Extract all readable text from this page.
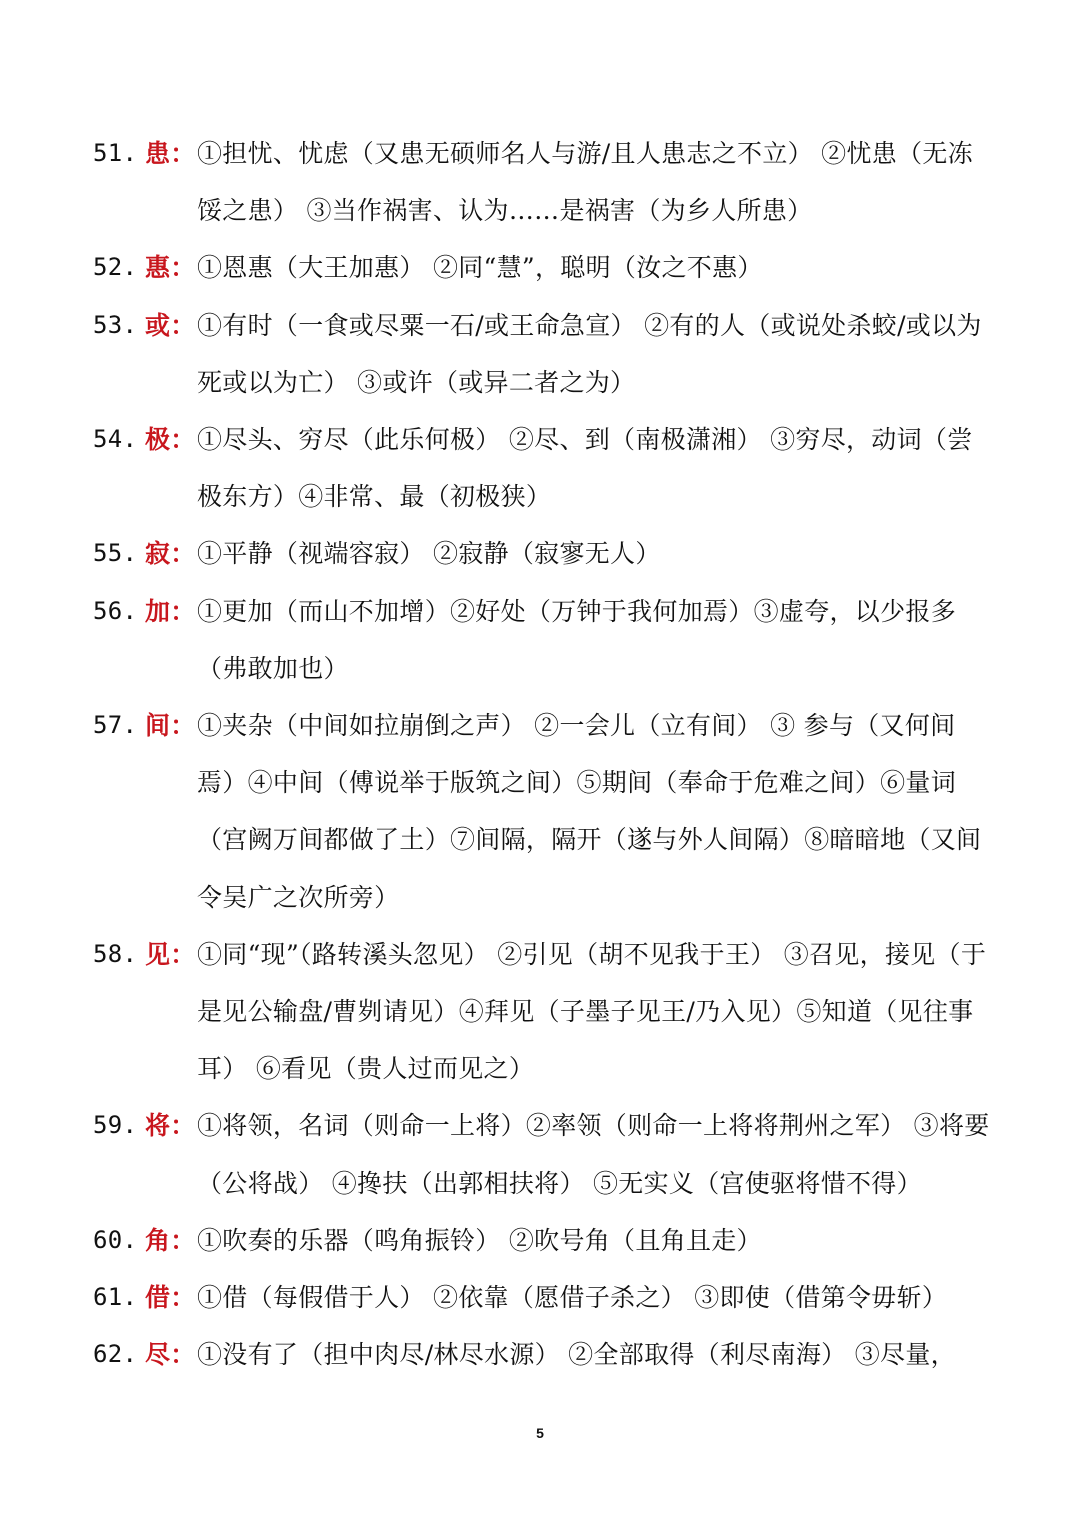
51. 患： ①担忧、忧虑（又患无硕师名人与游/且人患志之不立） ②忧患（无冻馁之患） ③当作祸害、认为……是祸害（为乡人所患）
52. 惠： ①恩惠（大王加惠） ②同“慧”，聪明（汝之不惠）
53. 或： ①有时（一食或尽粟一石/或王命急宣） ②有的人（或说处杀蛟/或以为死或以为亡） ③或许（或异二者之为）
54. 极： ①尽头、穷尽（此乐何极） ②尽、到（南极潇湘） ③穷尽，动词（尝极东方）④非常、最（初极狭）
55. 寂： ①平静（视端容寂） ②寂静（寂寥无人）
56. 加： ①更加（而山不加增）②好处（万钟于我何加焉）③虚夸，以少报多（弗敢加也）
57. 间： ①夹杂（中间如拉崩倒之声） ②一会儿（立有间） ③ 参与（又何间焉）④中间（傅说举于版筑之间）⑤期间（奉命于危难之间）⑥量词（宫阙万间都做了土）⑦间隔，隔开（遂与外人间隔）⑧暗暗地（又间令吴广之次所旁）
58. 见： ①同“现”（路转溪头忽见） ②引见（胡不见我于王） ③召见，接见（于是见公输盘/曹刿请见）④拜见（子墨子见王/乃入见）⑤知道（见往事耳） ⑥看见（贵人过而见之）
59. 将： ①将领，名词（则命一上将）②率领（则命一上将将荆州之军） ③将要（公将战） ④搀扶（出郭相扶将） ⑤无实义（宫使驱将惜不得）
60. 角： ①吹奏的乐器（鸣角振铃） ②吹号角（且角且走）
61. 借： ①借（每假借于人） ②依靠（愿借子杀之） ③即使（借第令毋斩）
62. 尽： ①没有了（担中肉尽/林尽水源） ②全部取得（利尽南海） ③尽量，
5
